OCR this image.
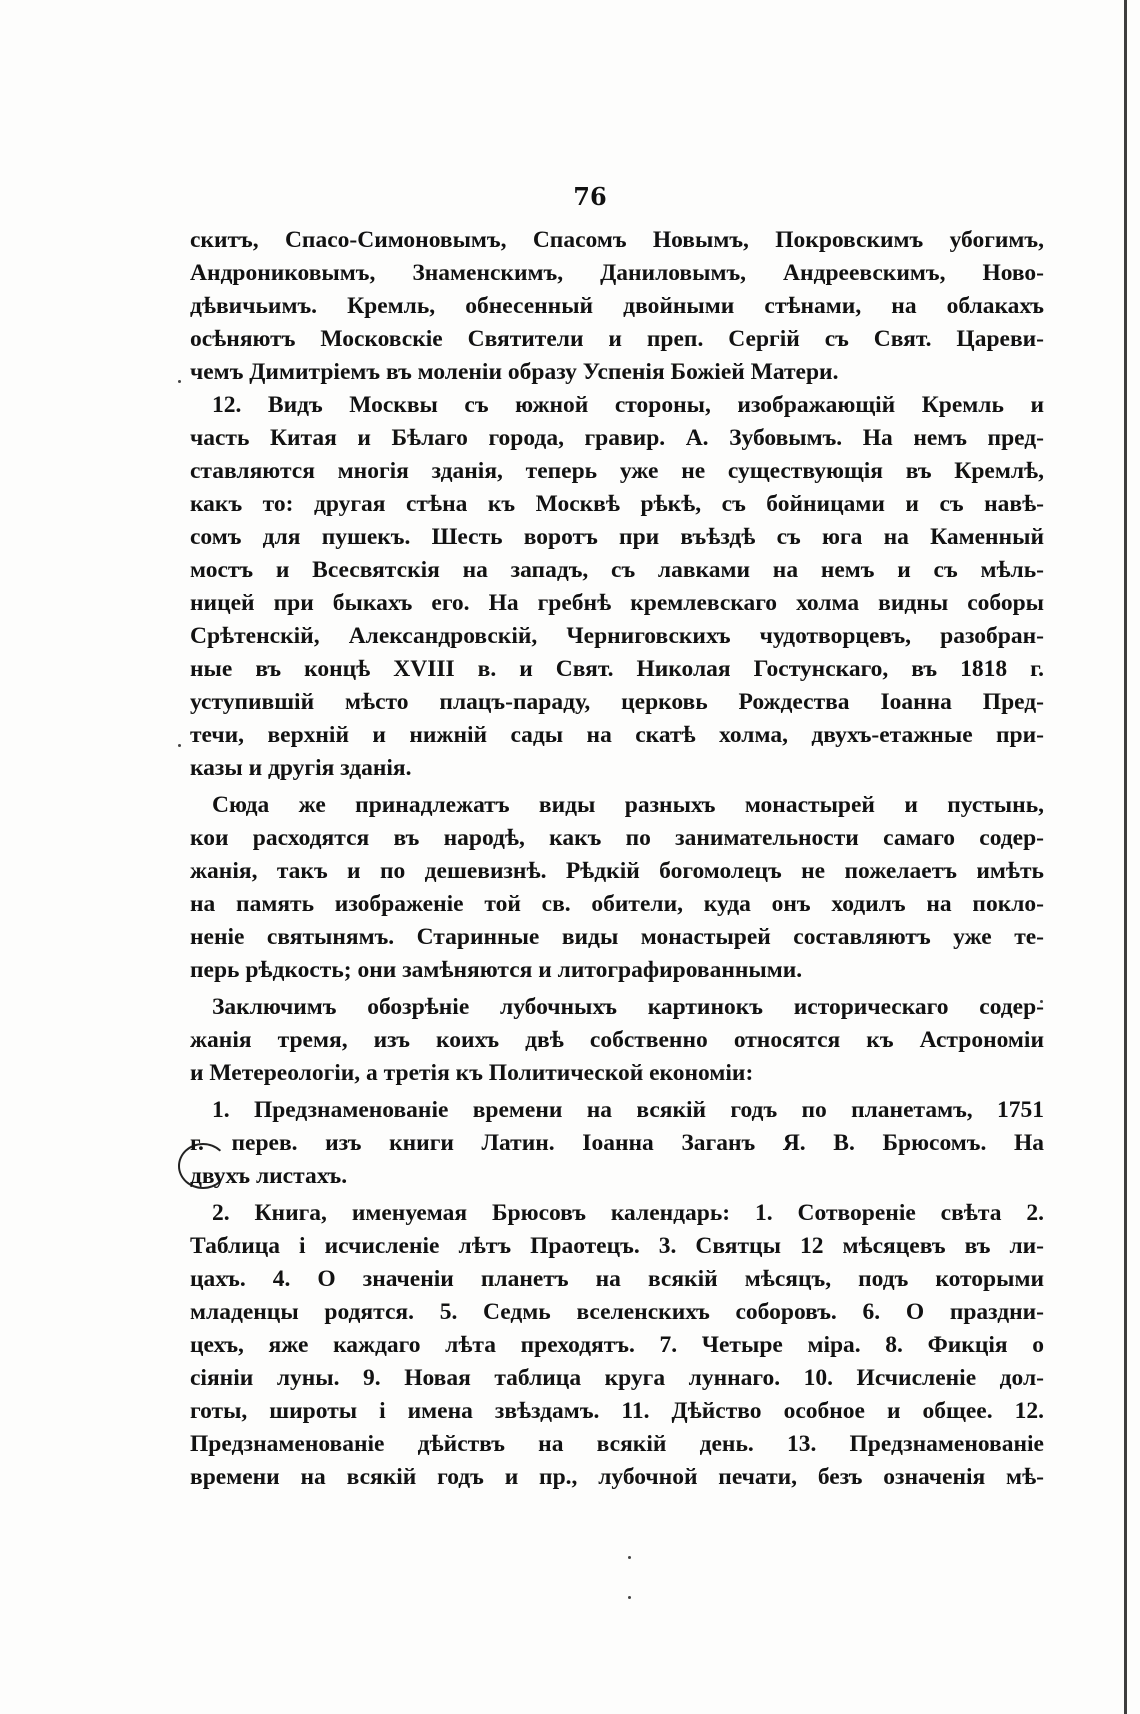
76

скитъ, Спасо-Симоновымъ, Спасомъ Новымъ, Покровскимъ убогимъ,
Андрониковымъ, Знаменскимъ, Даниловымъ, Андреевскимъ, Ново-
дѣвичьимъ. Кремль, обнесенный двойными стѣнами, на облакахъ
осѣняютъ Московскіе Святители и преп. Сергій съ Свят. Цареви-
чемъ Димитріемъ въ моленіи образу Успенія Божіей Матери.

12. Видъ Москвы съ южной стороны, изображающій Кремль и
часть Китая и Бѣлаго города, гравир. А. Зубовымъ. На немъ пред-
ставляются многія зданія, теперь уже не существующія въ Кремлѣ,
какъ то: другая стѣна къ Москвѣ рѣкѣ, съ бойницами и съ навѣ-
сомъ для пушекъ. Шесть воротъ при въѣздѣ съ юга на Каменный
мостъ и Всесвятскія на западъ, съ лавками на немъ и съ мѣль-
ницей при быкахъ его. На гребнѣ кремлевскаго холма видны соборы
Срѣтенскій, Александровскій, Черниговскихъ чудотворцевъ, разобран-
ные въ концѣ XVIII в. и Свят. Николая Гостунскаго, въ 1818 г.
уступившій мѣсто плацъ-параду, церковь Рождества Іоанна Пред-
течи, верхній и нижній сады на скатѣ холма, двухъ-етажные при-
казы и другія зданія.

Сюда же принадлежатъ виды разныхъ монастырей и пустынь,
кои расходятся въ народѣ, какъ по занимательности самаго содер-
жанія, такъ и по дешевизнѣ. Рѣдкій богомолецъ не пожелаетъ имѣть
на память изображеніе той св. обители, куда онъ ходилъ на покло-
неніе святынямъ. Старинные виды монастырей составляютъ уже те-
перь рѣдкость; они замѣняются и литографированными.

Заключимъ обозрѣніе лубочныхъ картинокъ историческаго содер-
жанія тремя, изъ коихъ двѣ собственно относятся къ Астрономіи
и Метереологіи, а третія къ Политической економіи:

1. Предзнаменованіе времени на всякій годъ по планетамъ, 1751
г. перев. изъ книги Латин. Іоанна Заганъ Я. В. Брюсомъ. На
двухъ листахъ.

2. Книга, именуемая Брюсовъ календарь: 1. Сотвореніе свѣта 2.
Таблица і исчисленіе лѣтъ Праотецъ. 3. Святцы 12 мѣсяцевъ въ ли-
цахъ. 4. О значеніи планетъ на всякій мѣсяцъ, подъ которыми
младенцы родятся. 5. Седмь вселенскихъ соборовъ. 6. О праздни-
цехъ, яже каждаго лѣта преходятъ. 7. Четыре міра. 8. Фикція о
сіяніи луны. 9. Новая таблица круга луннаго. 10. Исчисленіе дол-
готы, широты і имена звѣздамъ. 11. Дѣйство особное и общее. 12.
Предзнаменованіе дѣйствъ на всякій день. 13. Предзнаменованіе
времени на всякій годъ и пр., лубочной печати, безъ означенія мѣ-
